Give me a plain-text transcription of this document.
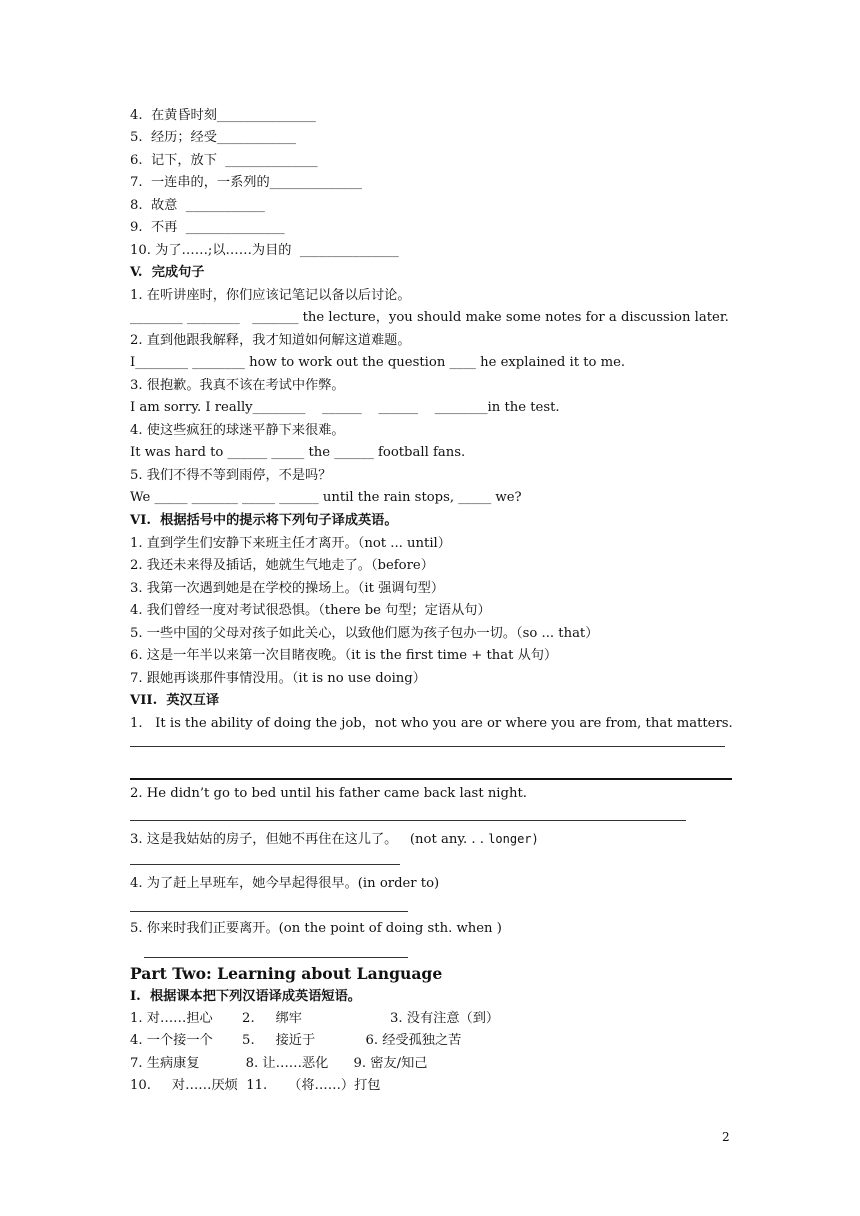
4.  在黄昏时刻_______________
5.  经历；经受____________
6.  记下，放下  ______________
7.  一连串的，一系列的______________
8.  故意  ____________
9.  不再  _______________
10. 为了……;以……为目的  _______________
V.  完成句子
1. 在听讲座时，你们应该记笔记以备以后讨论。
________ ________   _______ the lecture，you should make some notes for a discussion later.
2. 直到他跟我解释，我才知道如何解这道难题。
I________ ________ how to work out the question ____ he explained it to me.
3. 很抱歉。我真不该在考试中作弊。
I am sorry. I really________    ______    ______    ________in the test.
4. 使这些疯狂的球迷平静下来很难。
It was hard to ______ _____ the ______ football fans.
5. 我们不得不等到雨停，不是吗？
We _____ _______ _____ ______ until the rain stops, _____ we?
VI.  根据括号中的提示将下列句子译成英语。
1. 直到学生们安静下来班主任才离开。（not ... until）
2. 我还未来得及插话，她就生气地走了。（before）
3. 我第一次遇到她是在学校的操场上。（it 强调句型）
4. 我们曾经一度对考试很恐惧。（there be 句型；定语从句）
5. 一些中国的父母对孩子如此关心，以致他们愿为孩子包办一切。（so ... that）
6. 这是一年半以来第一次目睹夜晚。（it is the first time + that 从句）
7. 跟她再谈那件事情没用。（it is no use doing）
VII.  英汉互译
1.   It is the ability of doing the job，not who you are or where you are from, that matters.
2. He didn’t go to bed until his father came back last night.
3. 这是我姑姑的房子，但她不再住在这儿了。   (not any. . . longer)
4. 为了赶上早班车，她今早起得很早。(in order to)
5. 你来时我们正要离开。(on the point of doing sth. when )
Part Two: Learning about Language
I.  根据课本把下列汉语译成英语短语。
1. 对……担心       2.     绑牢                     3. 没有注意（到）
4. 一个接一个       5.     接近于            6. 经受孤独之苦
7. 生病康复           8. 让……恶化      9. 密友/知己
10.     对……厌烦  11.     （将……）打包
2
